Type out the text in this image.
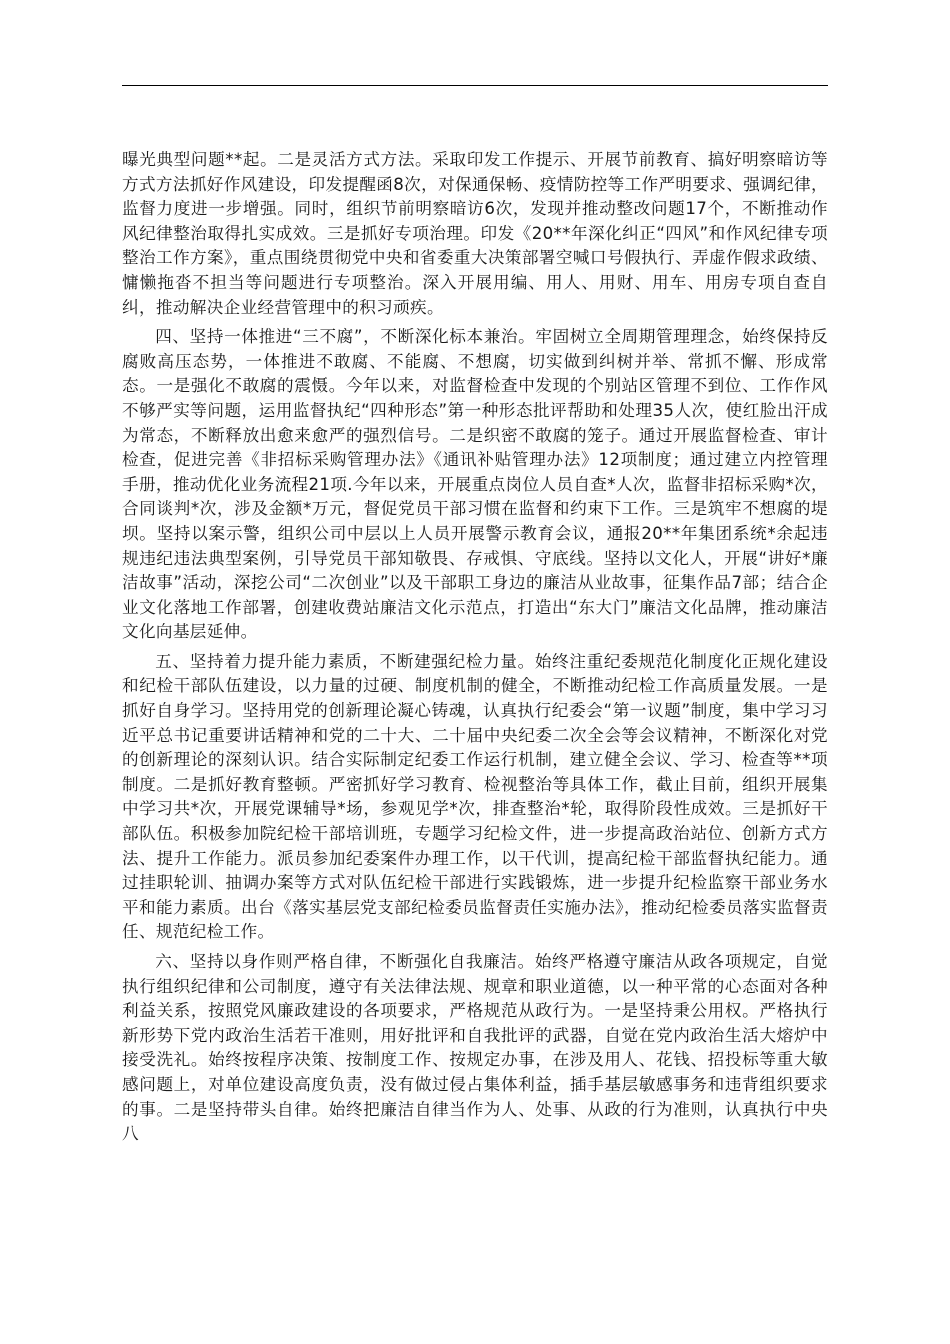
曝光典型问题**起。二是灵活方式方法。采取印发工作提示、开展节前教育、搞好明察暗访等方式方法抓好作风建设，印发提醒函8次，对保通保畅、疫情防控等工作严明要求、强调纪律，监督力度进一步增强。同时，组织节前明察暗访6次，发现并推动整改问题17个，不断推动作风纪律整治取得扎实成效。三是抓好专项治理。印发《20**年深化纠正“四风”和作风纪律专项整治工作方案》，重点围绕贯彻党中央和省委重大决策部署空喊口号假执行、弄虚作假求政绩、慵懒拖沓不担当等问题进行专项整治。深入开展用编、用人、用财、用车、用房专项自查自纠，推动解决企业经营管理中的积习顽疾。

四、坚持一体推进“三不腐”，不断深化标本兼治。牢固树立全周期管理理念，始终保持反腐败高压态势，一体推进不敢腐、不能腐、不想腐，切实做到纠树并举、常抓不懈、形成常态。一是强化不敢腐的震慑。今年以来，对监督检查中发现的个别站区管理不到位、工作作风不够严实等问题，运用监督执纪“四种形态”第一种形态批评帮助和处理35人次，使红脸出汗成为常态，不断释放出愈来愈严的强烈信号。二是织密不敢腐的笼子。通过开展监督检查、审计检查，促进完善《非招标采购管理办法》《通讯补贴管理办法》12项制度；通过建立内控管理手册，推动优化业务流程21项.今年以来，开展重点岗位人员自查*人次，监督非招标采购*次，合同谈判*次，涉及金额*万元，督促党员干部习惯在监督和约束下工作。三是筑牢不想腐的堤坝。坚持以案示警，组织公司中层以上人员开展警示教育会议，通报20**年集团系统*余起违规违纪违法典型案例，引导党员干部知敬畏、存戒惧、守底线。坚持以文化人，开展“讲好*廉洁故事”活动，深挖公司“二次创业”以及干部职工身边的廉洁从业故事，征集作品7部；结合企业文化落地工作部署，创建收费站廉洁文化示范点，打造出“东大门”廉洁文化品牌，推动廉洁文化向基层延伸。

五、坚持着力提升能力素质，不断建强纪检力量。始终注重纪委规范化制度化正规化建设和纪检干部队伍建设，以力量的过硬、制度机制的健全，不断推动纪检工作高质量发展。一是抓好自身学习。坚持用党的创新理论凝心铸魂，认真执行纪委会“第一议题”制度，集中学习习近平总书记重要讲话精神和党的二十大、二十届中央纪委二次全会等会议精神，不断深化对党的创新理论的深刻认识。结合实际制定纪委工作运行机制，建立健全会议、学习、检查等**项制度。二是抓好教育整顿。严密抓好学习教育、检视整治等具体工作，截止目前，组织开展集中学习共*次，开展党课辅导*场，参观见学*次，排查整治*轮，取得阶段性成效。三是抓好干部队伍。积极参加院纪检干部培训班，专题学习纪检文件，进一步提高政治站位、创新方式方法、提升工作能力。派员参加纪委案件办理工作，以干代训，提高纪检干部监督执纪能力。通过挂职轮训、抽调办案等方式对队伍纪检干部进行实践锻炼，进一步提升纪检监察干部业务水平和能力素质。出台《落实基层党支部纪检委员监督责任实施办法》，推动纪检委员落实监督责任、规范纪检工作。

六、坚持以身作则严格自律，不断强化自我廉洁。始终严格遵守廉洁从政各项规定，自觉执行组织纪律和公司制度，遵守有关法律法规、规章和职业道德，以一种平常的心态面对各种利益关系，按照党风廉政建设的各项要求，严格规范从政行为。一是坚持秉公用权。严格执行新形势下党内政治生活若干准则，用好批评和自我批评的武器，自觉在党内政治生活大熔炉中接受洗礼。始终按程序决策、按制度工作、按规定办事，在涉及用人、花钱、招投标等重大敏感问题上，对单位建设高度负责，没有做过侵占集体利益，插手基层敏感事务和违背组织要求的事。二是坚持带头自律。始终把廉洁自律当作为人、处事、从政的行为准则，认真执行中央八
